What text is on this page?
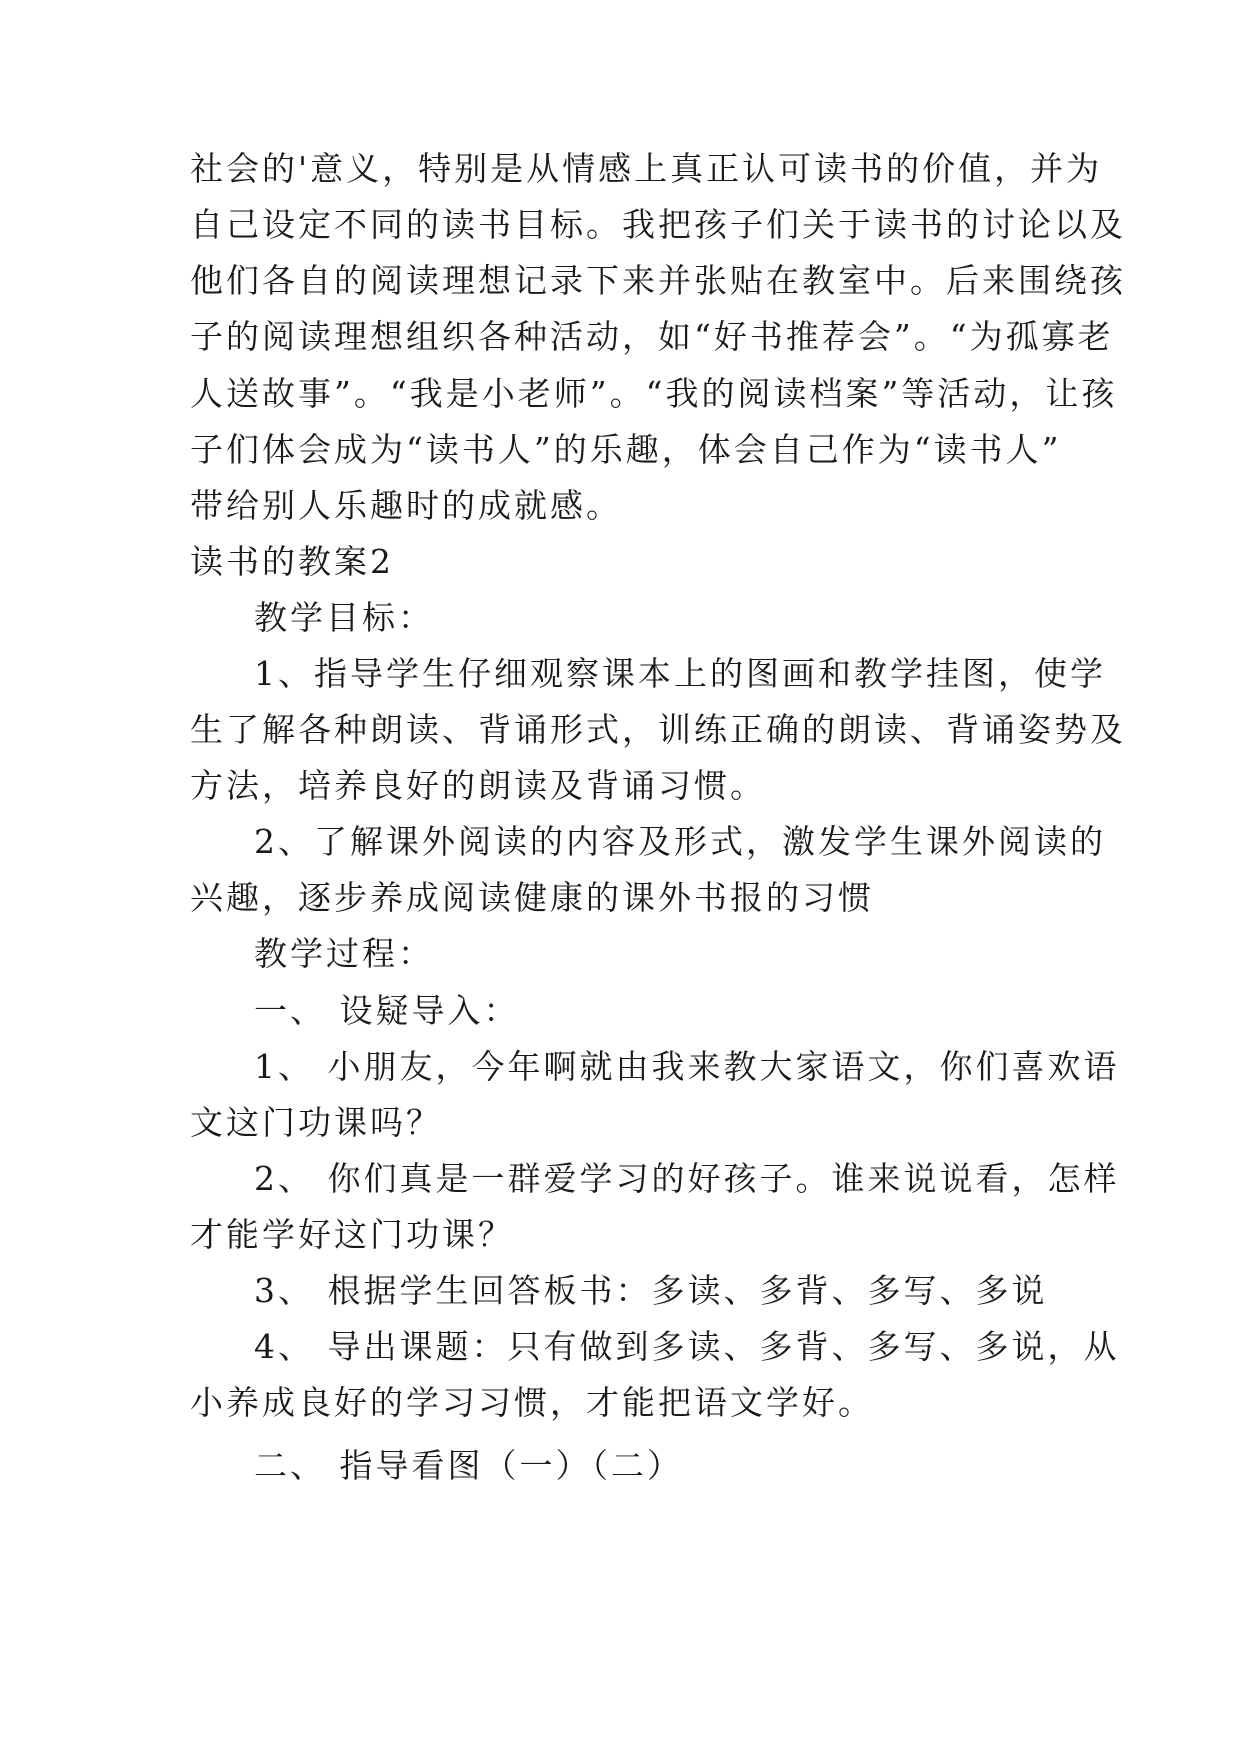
社会的'意义，特别是从情感上真正认可读书的价值，并为
自己设定不同的读书目标。我把孩子们关于读书的讨论以及
他们各自的阅读理想记录下来并张贴在教室中。后来围绕孩
子的阅读理想组织各种活动，如“好书推荐会”。“为孤寡老
人送故事”。“我是小老师”。“我的阅读档案”等活动，让孩
子们体会成为“读书人”的乐趣，体会自己作为“读书人”
带给别人乐趣时的成就感。
读书的教案2
教学目标：
1、指导学生仔细观察课本上的图画和教学挂图，使学
生了解各种朗读、背诵形式，训练正确的朗读、背诵姿势及
方法，培养良好的朗读及背诵习惯。
2、了解课外阅读的内容及形式，激发学生课外阅读的
兴趣，逐步养成阅读健康的课外书报的习惯
教学过程：
一、 设疑导入：
1、 小朋友，今年啊就由我来教大家语文，你们喜欢语
文这门功课吗？
2、 你们真是一群爱学习的好孩子。谁来说说看，怎样
才能学好这门功课？
3、 根据学生回答板书：多读、多背、多写、多说
4、 导出课题：只有做到多读、多背、多写、多说，从
小养成良好的学习习惯，才能把语文学好。
二、 指导看图（一）（二）
